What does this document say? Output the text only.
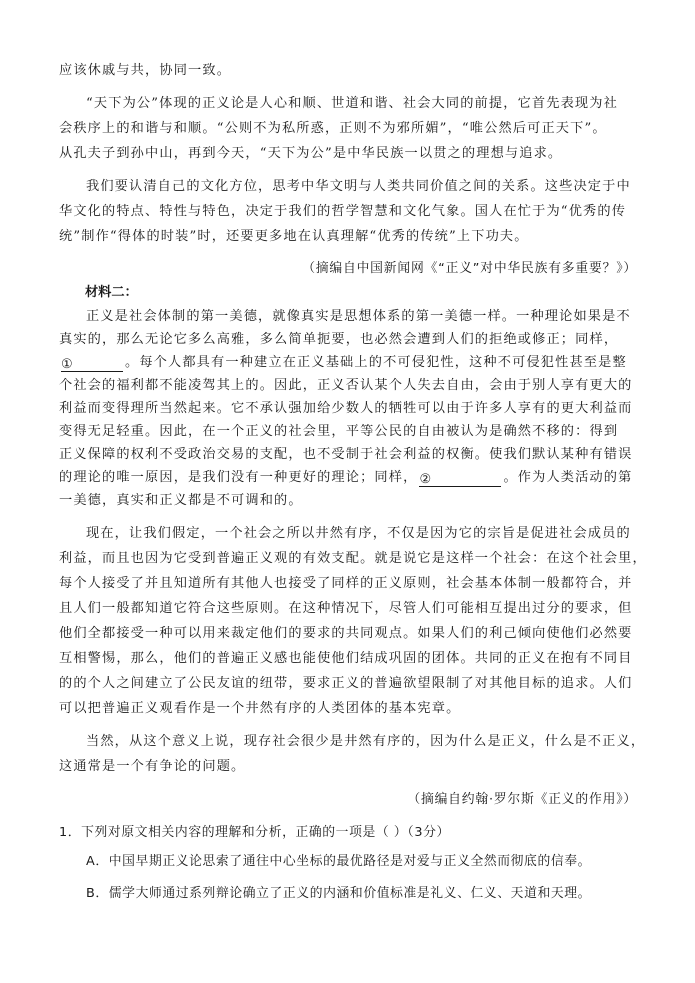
应该休戚与共，协同一致。
“天下为公”体现的正义论是人心和顺、世道和谐、社会大同的前提，它首先表现为社
会秩序上的和谐与和顺。“公则不为私所惑，正则不为邪所媚”，“唯公然后可正天下”。
从孔夫子到孙中山，再到今天，“天下为公”是中华民族一以贯之的理想与追求。
我们要认清自己的文化方位，思考中华文明与人类共同价值之间的关系。这些决定于中
华文化的特点、特性与特色，决定于我们的哲学智慧和文化气象。国人在忙于为“优秀的传
统”制作“得体的时装”时，还要更多地在认真理解“优秀的传统”上下功夫。
（摘编自中国新闻网《“正义”对中华民族有多重要？》）
材料二：
正义是社会体制的第一美德，就像真实是思想体系的第一美德一样。一种理论如果是不
真实的，那么无论它多么高雅，多么简单扼要，也必然会遭到人们的拒绝或修正；同样，
①	。每个人都具有一种建立在正义基础上的不可侵犯性，这种不可侵犯性甚至是整
个社会的福利都不能凌驾其上的。因此，正义否认某个人失去自由，会由于别人享有更大的
利益而变得理所当然起来。它不承认强加给少数人的牺牲可以由于许多人享有的更大利益而
变得无足轻重。因此，在一个正义的社会里，平等公民的自由被认为是确然不移的：得到
正义保障的权利不受政治交易的支配，也不受制于社会利益的权衡。使我们默认某种有错误
的理论的唯一原因，是我们没有一种更好的理论；同样， ②	。作为人类活动的第
一美德，真实和正义都是不可调和的。
现在，让我们假定，一个社会之所以井然有序，不仅是因为它的宗旨是促进社会成员的
利益，而且也因为它受到普遍正义观的有效支配。就是说它是这样一个社会：在这个社会里，
每个人接受了并且知道所有其他人也接受了同样的正义原则，社会基本体制一般都符合，并
且人们一般都知道它符合这些原则。在这种情况下，尽管人们可能相互提出过分的要求，但
他们全都接受一种可以用来裁定他们的要求的共同观点。如果人们的利己倾向使他们必然要
互相警惕，那么，他们的普遍正义感也能使他们结成巩固的团体。共同的正义在抱有不同目
的的个人之间建立了公民友谊的纽带，要求正义的普遍欲望限制了对其他目标的追求。人们
可以把普遍正义观看作是一个井然有序的人类团体的基本宪章。
当然，从这个意义上说，现存社会很少是井然有序的，因为什么是正义，什么是不正义，
这通常是一个有争论的问题。
（摘编自约翰·罗尔斯《正义的作用》）
1．下列对原文相关内容的理解和分析，正确的一项是（ ）（3分）
A．中国早期正义论思索了通往中心坐标的最优路径是对爱与正义全然而彻底的信奉。
B．儒学大师通过系列辩论确立了正义的内涵和价值标准是礼义、仁义、天道和天理。
